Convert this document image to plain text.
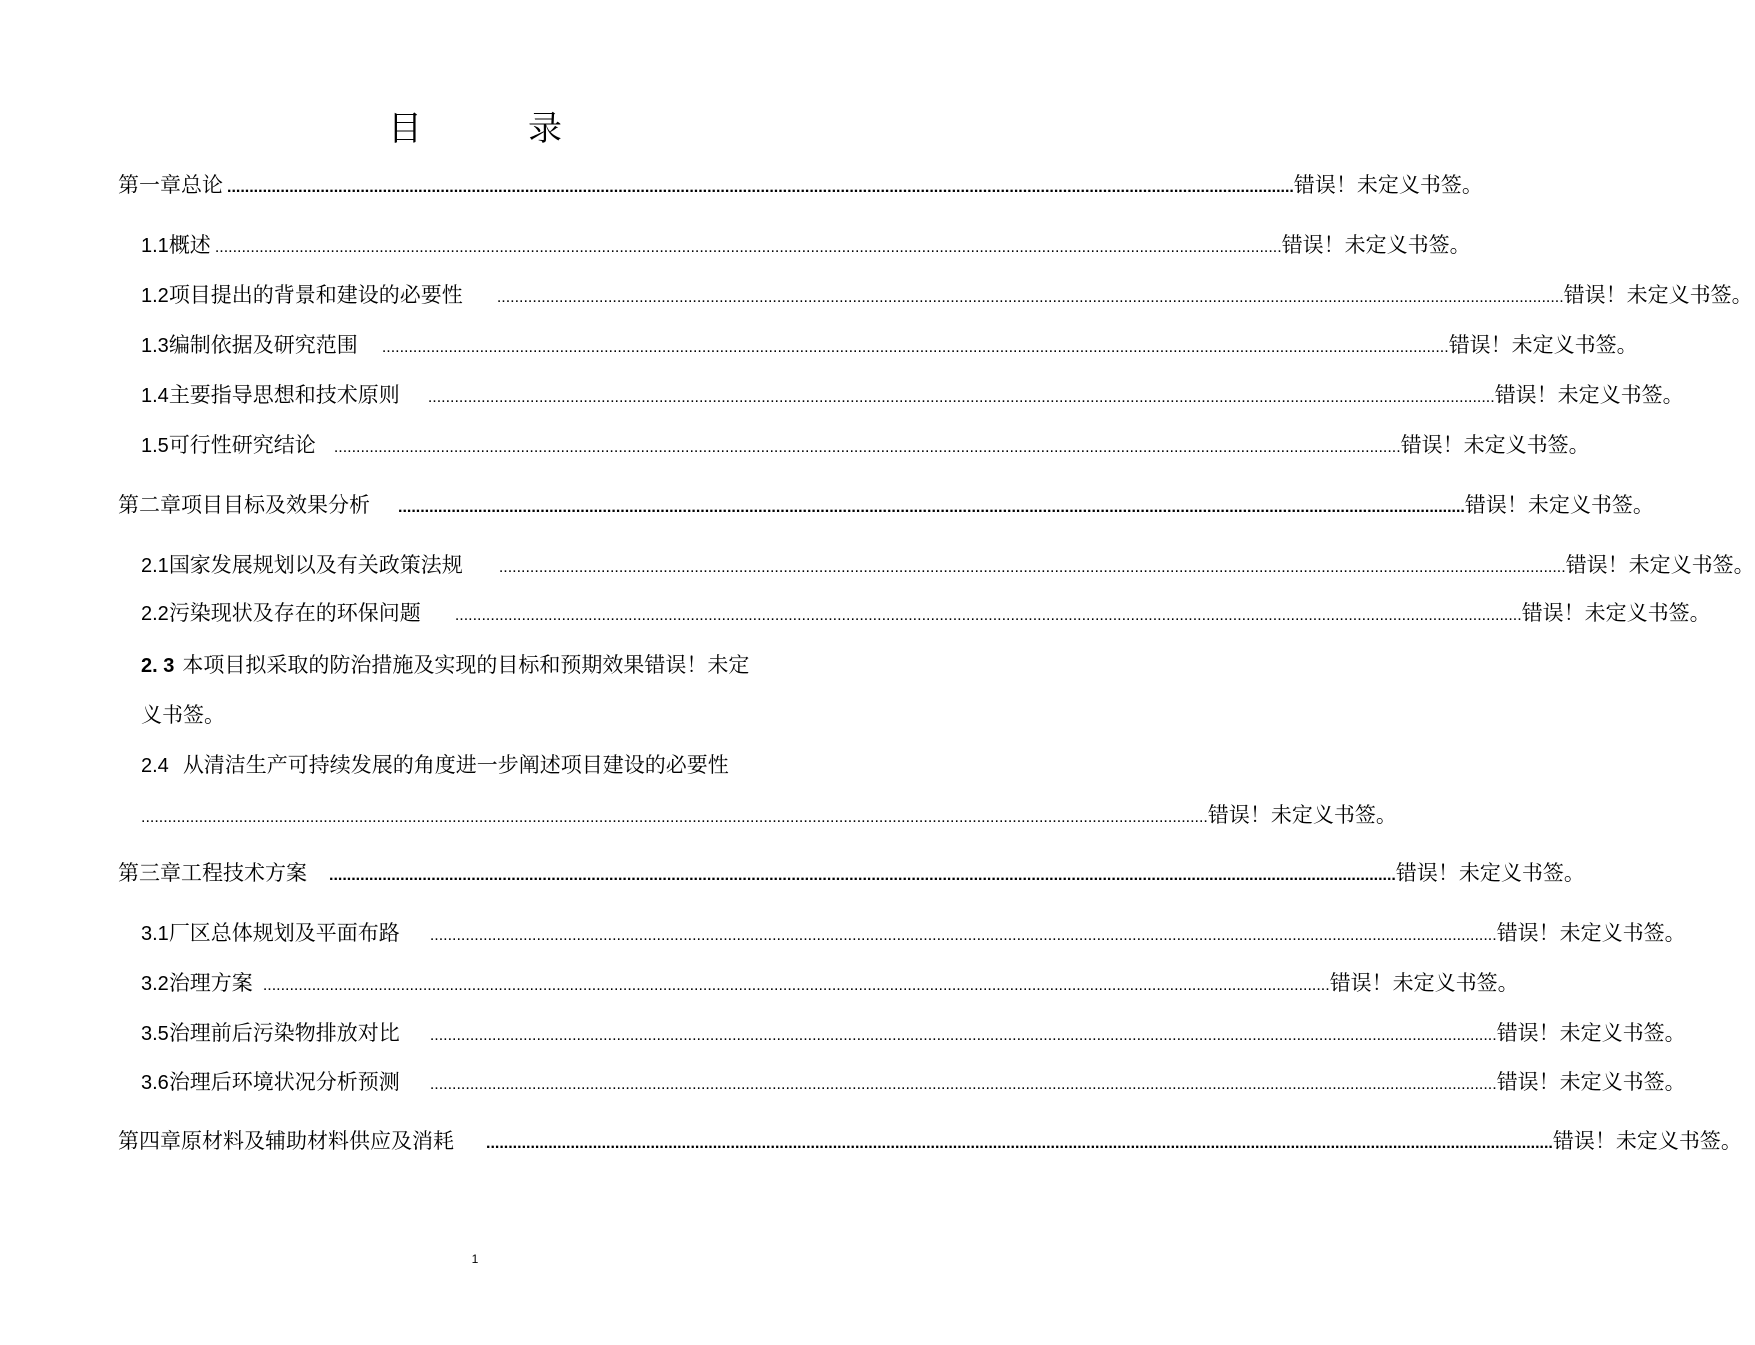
目　录
第一章 总论 ................................................................................................................................................................................................................................................ 错误！未定义书签。
1.1 概述 ................................................................................................................................................................................................................................................ 错误！未定义书签。
1.2 项目提出的背景和建设的必要性 ................................................................................................................................................................................................................................................ 错误！未定义书签。
1.3 编制依据及研究范围 ................................................................................................................................................................................................................................................ 错误！未定义书签。
1.4 主要指导思想和技术原则 ................................................................................................................................................................................................................................................ 错误！未定义书签。
1.5 可行性研究结论 ................................................................................................................................................................................................................................................ 错误！未定义书签。
第二章 项目目标及效果分析 ................................................................................................................................................................................................................................................ 错误！未定义书签。
2.1 国家发展规划以及有关政策法规 ................................................................................................................................................................................................................................................ 错误！未定义书签。
2.2 污染现状及存在的环保问题 ................................................................................................................................................................................................................................................ 错误！未定义书签。
2. 3 本项目拟采取的防治措施及实现的目标和预期效果错误！未定
义书签。
2.4 从清洁生产可持续发展的角度进一步阐述项目建设的必要性
................................................................................................................................................................................................................................................ 错误！未定义书签。
第三章 工程技术方案 ................................................................................................................................................................................................................................................ 错误！未定义书签。
3.1 厂区总体规划及平面布路 ................................................................................................................................................................................................................................................ 错误！未定义书签。
3.2 治理方案 ................................................................................................................................................................................................................................................ 错误！未定义书签。
3.5 治理前后污染物排放对比 ................................................................................................................................................................................................................................................ 错误！未定义书签。
3.6 治理后环境状况分析预测 ................................................................................................................................................................................................................................................ 错误！未定义书签。
第四章 原材料及辅助材料供应及消耗 ................................................................................................................................................................................................................................................ 错误！未定义书签。
1
